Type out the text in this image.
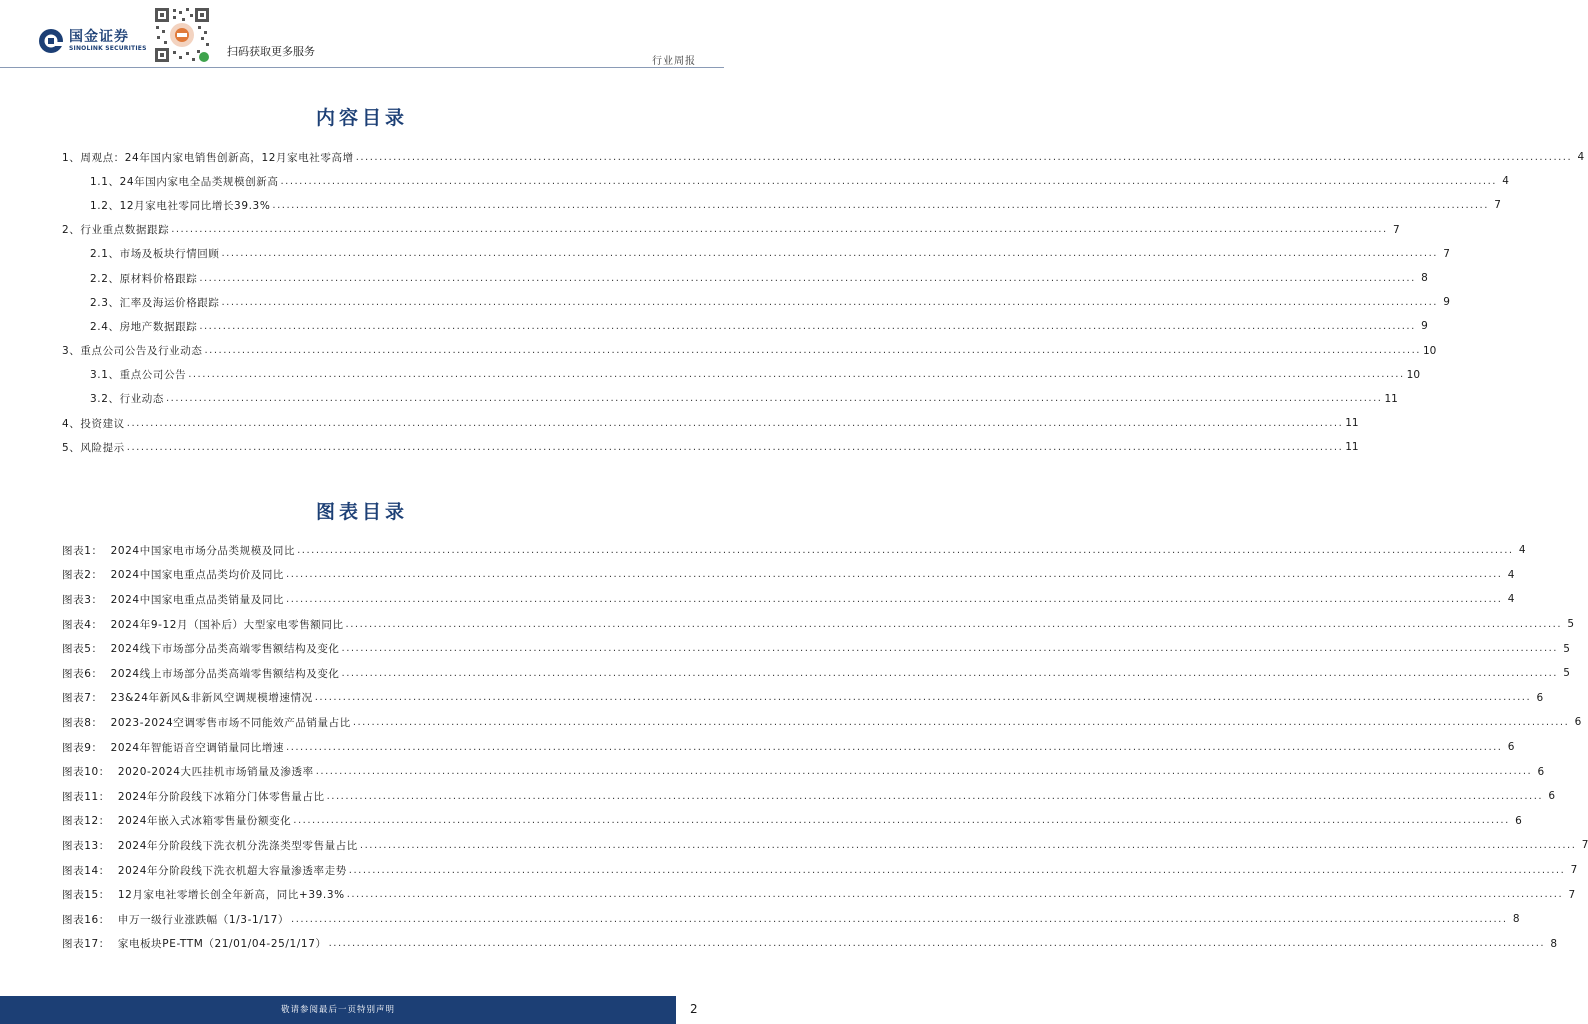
国金证券
SINOLINK SECURITIES	扫码获取更多服务
行业周报
内容目录
1、周观点：24年国内家电销售创新高，12月家电社零高增 .................................................................................................................................................................................................................................................................... 4
1.1、24年国内家电全品类规模创新高 .................................................................................................................................................................................................................................................................... 4
1.2、12月家电社零同比增长39.3% .................................................................................................................................................................................................................................................................... 7
2、行业重点数据跟踪 .................................................................................................................................................................................................................................................................... 7
2.1、市场及板块行情回顾 .................................................................................................................................................................................................................................................................... 7
2.2、原材料价格跟踪 .................................................................................................................................................................................................................................................................... 8
2.3、汇率及海运价格跟踪 .................................................................................................................................................................................................................................................................... 9
2.4、房地产数据跟踪 .................................................................................................................................................................................................................................................................... 9
3、重点公司公告及行业动态 .................................................................................................................................................................................................................................................................... 10
3.1、重点公司公告 .................................................................................................................................................................................................................................................................... 10
3.2、行业动态 .................................................................................................................................................................................................................................................................... 11
4、投资建议 .................................................................................................................................................................................................................................................................... 11
5、风险提示 .................................................................................................................................................................................................................................................................... 11
图表目录
图表1： 2024中国家电市场分品类规模及同比 .................................................................................................................................................................................................................................................................... 4
图表2： 2024中国家电重点品类均价及同比 .................................................................................................................................................................................................................................................................... 4
图表3： 2024中国家电重点品类销量及同比 .................................................................................................................................................................................................................................................................... 4
图表4： 2024年9-12月（国补后）大型家电零售额同比 .................................................................................................................................................................................................................................................................... 5
图表5： 2024线下市场部分品类高端零售额结构及变化 .................................................................................................................................................................................................................................................................... 5
图表6： 2024线上市场部分品类高端零售额结构及变化 .................................................................................................................................................................................................................................................................... 5
图表7： 23&24年新风&非新风空调规模增速情况 .................................................................................................................................................................................................................................................................... 6
图表8： 2023-2024空调零售市场不同能效产品销量占比 .................................................................................................................................................................................................................................................................... 6
图表9： 2024年智能语音空调销量同比增速 .................................................................................................................................................................................................................................................................... 6
图表10： 2020-2024大匹挂机市场销量及渗透率 .................................................................................................................................................................................................................................................................... 6
图表11： 2024年分阶段线下冰箱分门体零售量占比 .................................................................................................................................................................................................................................................................... 6
图表12： 2024年嵌入式冰箱零售量份额变化 .................................................................................................................................................................................................................................................................... 6
图表13： 2024年分阶段线下洗衣机分洗涤类型零售量占比 .................................................................................................................................................................................................................................................................... 7
图表14： 2024年分阶段线下洗衣机超大容量渗透率走势 .................................................................................................................................................................................................................................................................... 7
图表15： 12月家电社零增长创全年新高，同比+39.3% .................................................................................................................................................................................................................................................................... 7
图表16： 申万一级行业涨跌幅（1/3-1/17） .................................................................................................................................................................................................................................................................... 8
图表17： 家电板块PE-TTM（21/01/04-25/1/17） .................................................................................................................................................................................................................................................................... 8
敬请参阅最后一页特别声明	2
